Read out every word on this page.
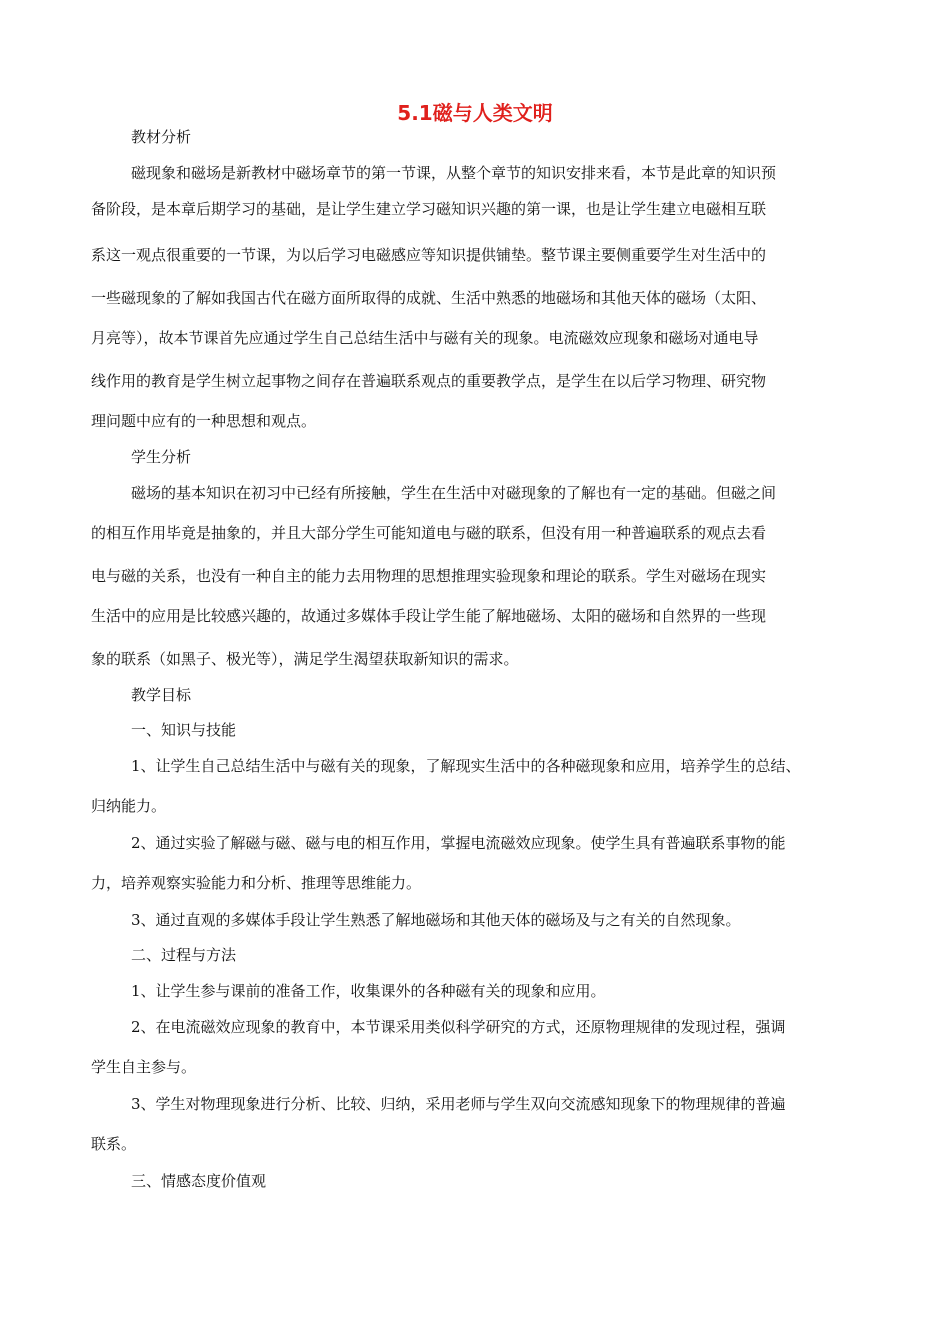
5.1磁与人类文明
教材分析
磁现象和磁场是新教材中磁场章节的第一节课，从整个章节的知识安排来看，本节是此章的知识预
备阶段，是本章后期学习的基础，是让学生建立学习磁知识兴趣的第一课，也是让学生建立电磁相互联
系这一观点很重要的一节课，为以后学习电磁感应等知识提供铺垫。整节课主要侧重要学生对生活中的
一些磁现象的了解如我国古代在磁方面所取得的成就、生活中熟悉的地磁场和其他天体的磁场（太阳、
月亮等），故本节课首先应通过学生自己总结生活中与磁有关的现象。电流磁效应现象和磁场对通电导
线作用的教育是学生树立起事物之间存在普遍联系观点的重要教学点，是学生在以后学习物理、研究物
理问题中应有的一种思想和观点。
学生分析
磁场的基本知识在初习中已经有所接触，学生在生活中对磁现象的了解也有一定的基础。但磁之间
的相互作用毕竟是抽象的，并且大部分学生可能知道电与磁的联系，但没有用一种普遍联系的观点去看
电与磁的关系，也没有一种自主的能力去用物理的思想推理实验现象和理论的联系。学生对磁场在现实
生活中的应用是比较感兴趣的，故通过多媒体手段让学生能了解地磁场、太阳的磁场和自然界的一些现
象的联系（如黑子、极光等），满足学生渴望获取新知识的需求。
教学目标
一、知识与技能
1、让学生自己总结生活中与磁有关的现象，了解现实生活中的各种磁现象和应用，培养学生的总结、
归纳能力。
2、通过实验了解磁与磁、磁与电的相互作用，掌握电流磁效应现象。使学生具有普遍联系事物的能
力，培养观察实验能力和分析、推理等思维能力。
3、通过直观的多媒体手段让学生熟悉了解地磁场和其他天体的磁场及与之有关的自然现象。
二、过程与方法
1、让学生参与课前的准备工作，收集课外的各种磁有关的现象和应用。
2、在电流磁效应现象的教育中，本节课采用类似科学研究的方式，还原物理规律的发现过程，强调
学生自主参与。
3、学生对物理现象进行分析、比较、归纳，采用老师与学生双向交流感知现象下的物理规律的普遍
联系。
三、情感态度价值观
